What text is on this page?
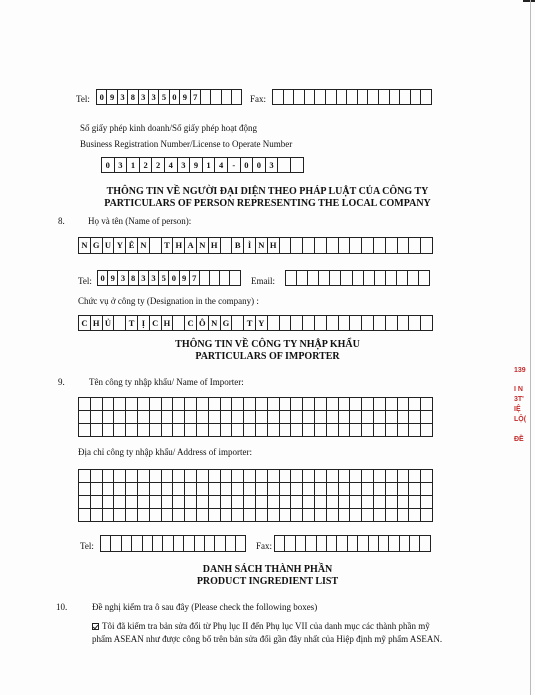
Tel:	0 9 3 8 3 3 5 0 9 7	Fax:
Số giấy phép kinh doanh/Số giấy phép hoạt động
Business Registration Number/License to Operate Number
0 3 1 2 2 4 3 9 1 4	-	0 0 3
THÔNG TIN VỀ NGƯỜI ĐẠI DIỆN THEO PHÁP LUẬT CỦA CÔNG TY
PARTICULARS OF PERSON REPRESENTING THE LOCAL COMPANY
8.	Họ và tên (Name of person):
N G U Y Ê N	T H A N H	B Ì N H
Tel: 0 9 3 8 3 3 5 0 9 7	Email:
Chức vụ ở công ty (Designation in the company) :
C H Ủ	T Ị C H	C Ô N G	T Y
THÔNG TIN VỀ CÔNG TY NHẬP KHẨU
PARTICULARS OF IMPORTER
9.	Tên công ty nhập khẩu/ Name of Importer:
Địa chỉ công ty nhập khẩu/ Address of importer:
Tel:	Fax:
DANH SÁCH THÀNH PHẦN
PRODUCT INGREDIENT LIST
10.	Đề nghị kiểm tra ô sau đây (Please check the following boxes)
Tôi đã kiểm tra bản sửa đổi từ Phụ lục II đến Phụ lục VII của danh mục các thành phần mỹ
phẩm ASEAN như được công bố trên bản sửa đổi gần đây nhất của Hiệp định mỹ phẩm ASEAN.
139
I N
3T'
IỆ
LỘ(
ĐỀ
